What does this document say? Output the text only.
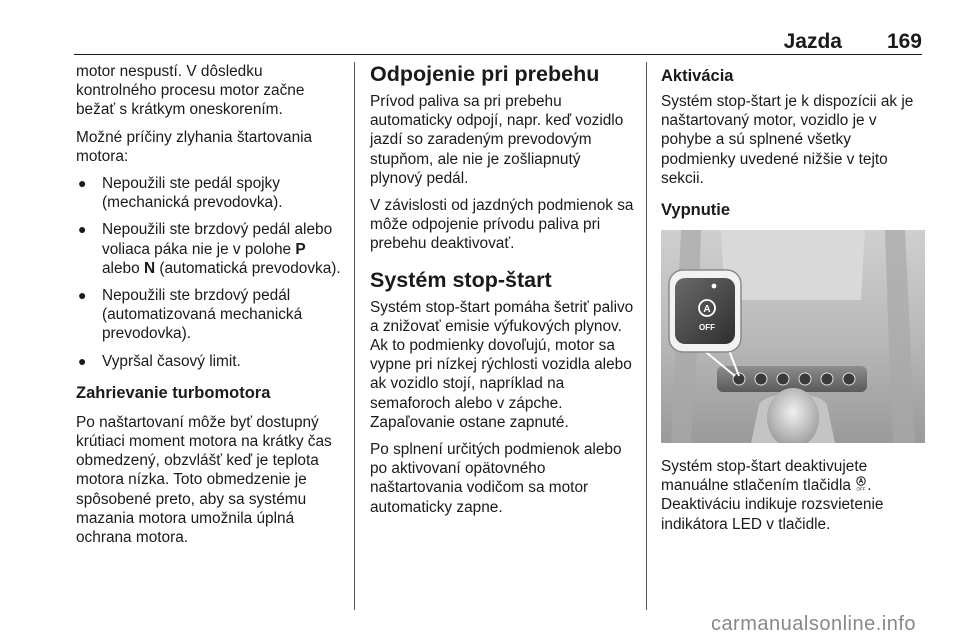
Jazda 169

motor nespustí. V dôsledku kontrolného procesu motor začne bežať s krátkym oneskorením.

Možné príčiny zlyhania štartovania motora:

● Nepoužili ste pedál spojky (mechanická prevodovka).
● Nepoužili ste brzdový pedál alebo voliaca páka nie je v polohe P alebo N (automatická prevodovka).
● Nepoužili ste brzdový pedál (automatizovaná mechanická prevodovka).
● Vypršal časový limit.
Zahrievanie turbomotora

Po naštartovaní môže byť dostupný krútiaci moment motora na krátky čas obmedzený, obzvlášť keď je teplota motora nízka. Toto obmedzenie je spôsobené preto, aby sa systému mazania motora umožnila úplná ochrana motora.

Odpojenie pri prebehu

Prívod paliva sa pri prebehu automaticky odpojí, napr. keď vozidlo jazdí so zaradeným prevodovým stupňom, ale nie je zošliapnutý plynový pedál.

V závislosti od jazdných podmienok sa môže odpojenie prívodu paliva pri prebehu deaktivovať.

Systém stop-štart

Systém stop-štart pomáha šetriť palivo a znižovať emisie výfukových plynov. Ak to podmienky dovoľujú, motor sa vypne pri nízkej rýchlosti vozidla alebo ak vozidlo stojí, napríklad na semaforoch alebo v zápche. Zapaľovanie ostane zapnuté.

Po splnení určitých podmienok alebo po aktivovaní opätovného naštartovania vodičom sa motor automaticky zapne.

Aktivácia

Systém stop-štart je k dispozícii ak je naštartovaný motor, vozidlo je v pohybe a sú splnené všetky podmienky uvedené nižšie v tejto sekcii.

Vypnutie
A
OFF

Systém stop-štart deaktivujete manuálne stlačením tlačidla OFF . Deaktiváciu indikuje rozsvietenie indikátora LED v tlačidle.

carmanualsonline.info
